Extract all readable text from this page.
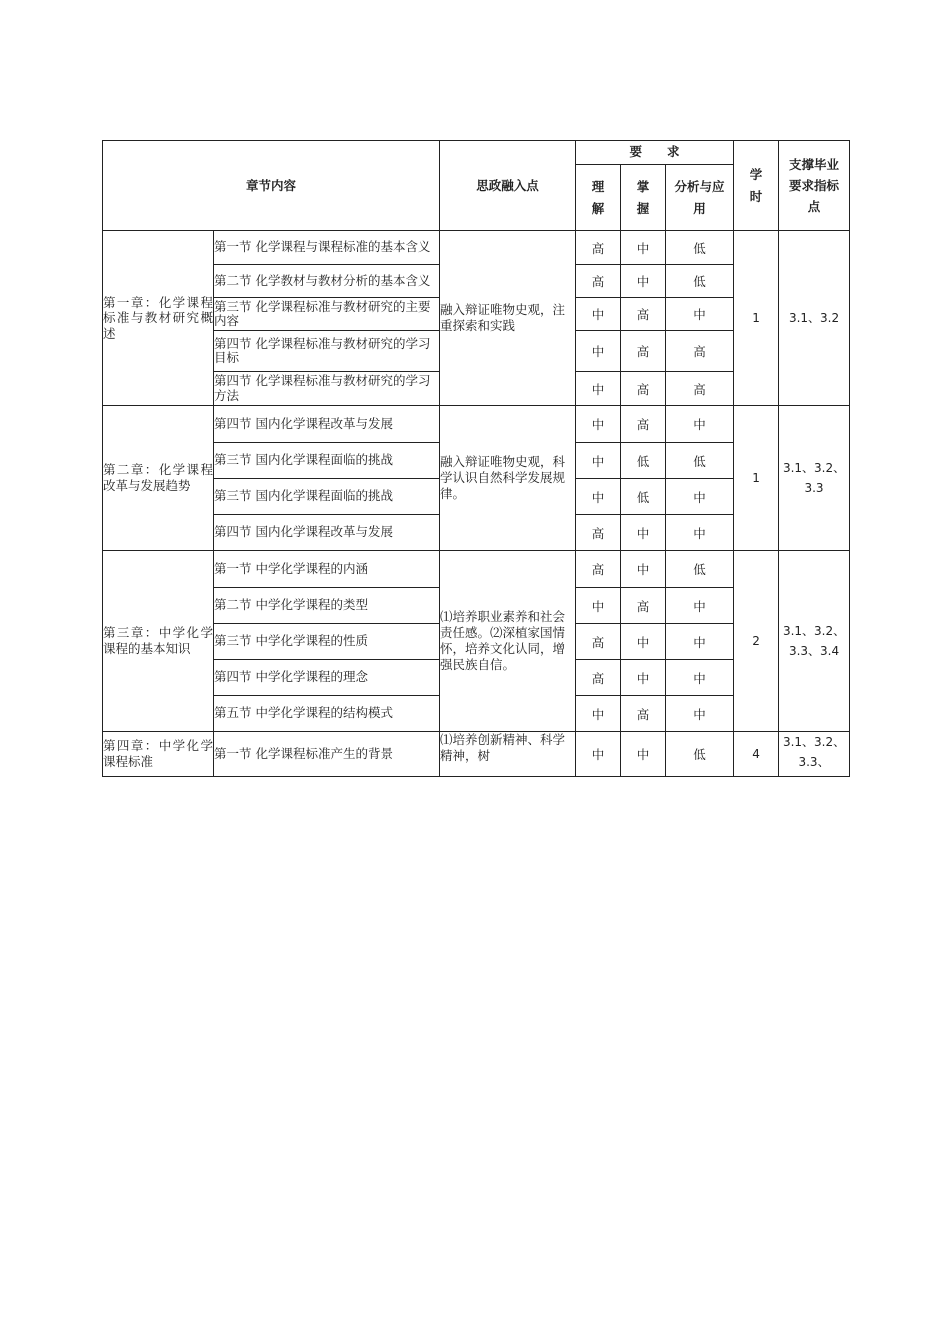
章节内容		思政融入点	要　　求			学时	支撑毕业要求指标点
			理解	掌握	分析与应用		
第一章：化学课程标准与教材研究概述	第一节 化学课程与课程标准的基本含义	融入辩证唯物史观，注重探索和实践	高	中	低	1	3.1、3.2
	第二节 化学教材与教材分析的基本含义		高	中	低		
	第三节 化学课程标准与教材研究的主要内容		中	高	中		
	第四节 化学课程标准与教材研究的学习目标		中	高	高		
	第四节 化学课程标准与教材研究的学习方法		中	高	高		
第二章：化学课程改革与发展趋势	第四节 国内化学课程改革与发展	融入辩证唯物史观，科学认识自然科学发展规律。	中	高	中	1	3.1、3.2、3.3
	第三节 国内化学课程面临的挑战		中	低	低		
	第三节 国内化学课程面临的挑战		中	低	中		
	第四节 国内化学课程改革与发展		高	中	中		
第三章：中学化学课程的基本知识	第一节 中学化学课程的内涵	⑴培养职业素养和社会责任感。⑵深植家国情怀，培养文化认同，增强民族自信。	高	中	低	2	3.1、3.2、3.3、3.4
	第二节 中学化学课程的类型		中	高	中		
	第三节 中学化学课程的性质		高	中	中		
	第四节 中学化学课程的理念		高	中	中		
	第五节 中学化学课程的结构模式		中	高	中		
第四章：中学化学课程标准	第一节 化学课程标准产生的背景	⑴培养创新精神、科学精神，树	中	中	低	4	3.1、3.2、3.3、
